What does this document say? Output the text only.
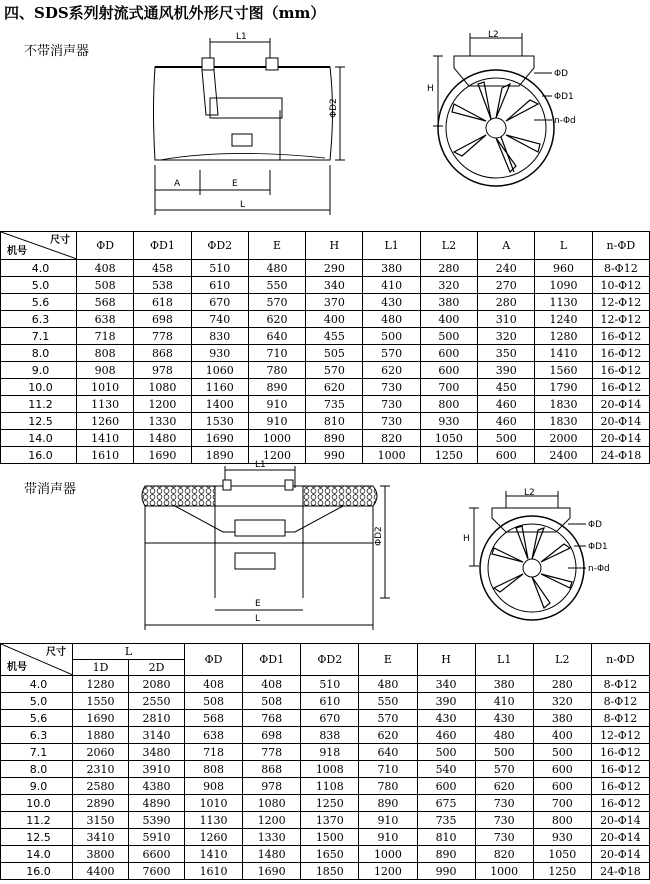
四、SDS系列射流式通风机外形尺寸图（mm）
不带消声器
L1
ΦD2
A	E
L
L2
H
ΦD
ΦD1
n-Φd
尺寸
机号	ΦD	ΦD1	ΦD2	E	H	L1	L2	A	L	n-ΦD
4.0	408	458	510	480	290	380	280	240	960	8-Φ12
5.0	508	538	610	550	340	410	320	270	1090	10-Φ12
5.6	568	618	670	570	370	430	380	280	1130	12-Φ12
6.3	638	698	740	620	400	480	400	310	1240	12-Φ12
7.1	718	778	830	640	455	500	500	320	1280	16-Φ12
8.0	808	868	930	710	505	570	600	350	1410	16-Φ12
9.0	908	978	1060	780	570	620	600	390	1560	16-Φ12
10.0	1010	1080	1160	890	620	730	700	450	1790	16-Φ12
11.2	1130	1200	1400	910	735	730	800	460	1830	20-Φ14
12.5	1260	1330	1530	910	810	730	930	460	1830	20-Φ14
14.0	1410	1480	1690	1000	890	820	1050	500	2000	20-Φ14
16.0	1610	1690	1890	1200	990	1000	1250	600	2400	24-Φ18
带消声器
L1
ΦD2
E
L
L2
H
ΦD
ΦD1
n-Φd
尺寸
机号	L		ΦD	ΦD1	ΦD2	E	H	L1	L2	n-ΦD
	1D	2D								
4.0	1280	2080	408	408	510	480	340	380	280	8-Φ12
5.0	1550	2550	508	508	610	550	390	410	320	8-Φ12
5.6	1690	2810	568	768	670	570	430	430	380	8-Φ12
6.3	1880	3140	638	698	838	620	460	480	400	12-Φ12
7.1	2060	3480	718	778	918	640	500	500	500	16-Φ12
8.0	2310	3910	808	868	1008	710	540	570	600	16-Φ12
9.0	2580	4380	908	978	1108	780	600	620	600	16-Φ12
10.0	2890	4890	1010	1080	1250	890	675	730	700	16-Φ12
11.2	3150	5390	1130	1200	1370	910	735	730	800	20-Φ14
12.5	3410	5910	1260	1330	1500	910	810	730	930	20-Φ14
14.0	3800	6600	1410	1480	1650	1000	890	820	1050	20-Φ14
16.0	4400	7600	1610	1690	1850	1200	990	1000	1250	24-Φ18
